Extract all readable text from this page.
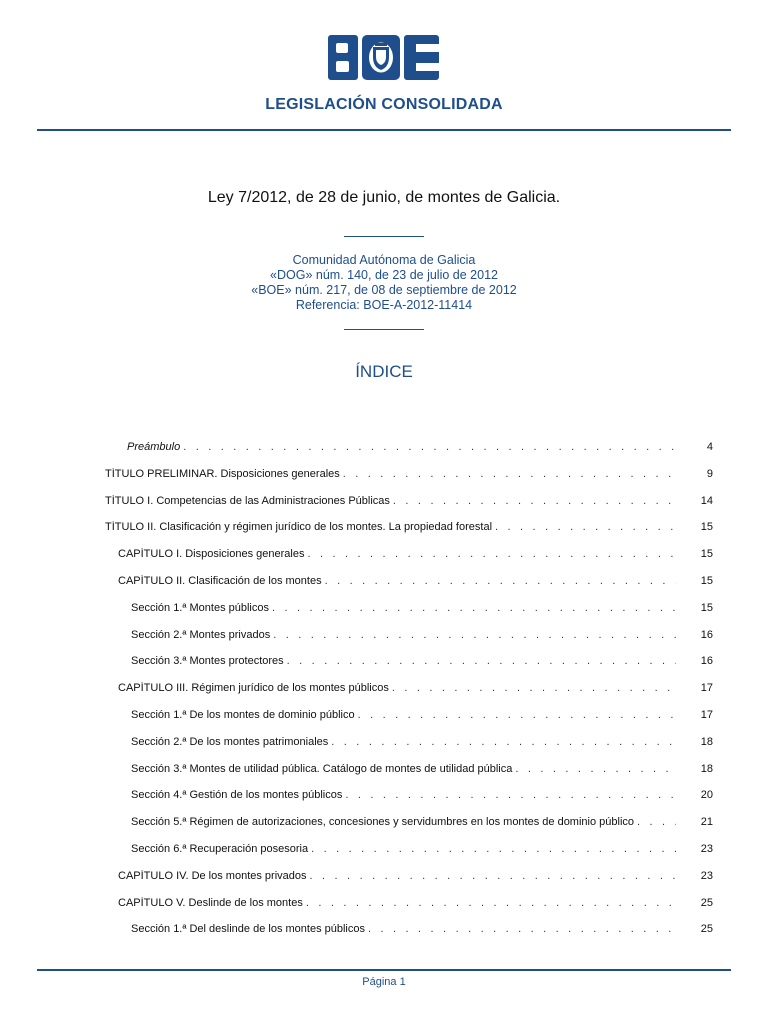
BOE
LEGISLACIÓN CONSOLIDADA
Ley 7/2012, de 28 de junio, de montes de Galicia.
Comunidad Autónoma de Galicia
«DOG» núm. 140, de 23 de julio de 2012
«BOE» núm. 217, de 08 de septiembre de 2012
Referencia: BOE-A-2012-11414
ÍNDICE
Preámbulo . . .	4
TÍTULO PRELIMINAR. Disposiciones generales . . .	9
TÍTULO I. Competencias de las Administraciones Públicas . . .	14
TÍTULO II. Clasificación y régimen jurídico de los montes. La propiedad forestal . . .	15
CAPÍTULO I. Disposiciones generales . . .	15
CAPÍTULO II. Clasificación de los montes . . .	15
Sección 1.ª Montes públicos . . .	15
Sección 2.ª Montes privados . . .	16
Sección 3.ª Montes protectores . . .	16
CAPÍTULO III. Régimen jurídico de los montes públicos . . .	17
Sección 1.ª De los montes de dominio público . . .	17
Sección 2.ª De los montes patrimoniales . . .	18
Sección 3.ª Montes de utilidad pública. Catálogo de montes de utilidad pública . . .	18
Sección 4.ª Gestión de los montes públicos . . .	20
Sección 5.ª Régimen de autorizaciones, concesiones y servidumbres en los montes de dominio público . . .	21
Sección 6.ª Recuperación posesoria . . .	23
CAPÍTULO IV. De los montes privados . . .	23
CAPÍTULO V. Deslinde de los montes . . .	25
Sección 1.ª Del deslinde de los montes públicos . . .	25
Página 1
